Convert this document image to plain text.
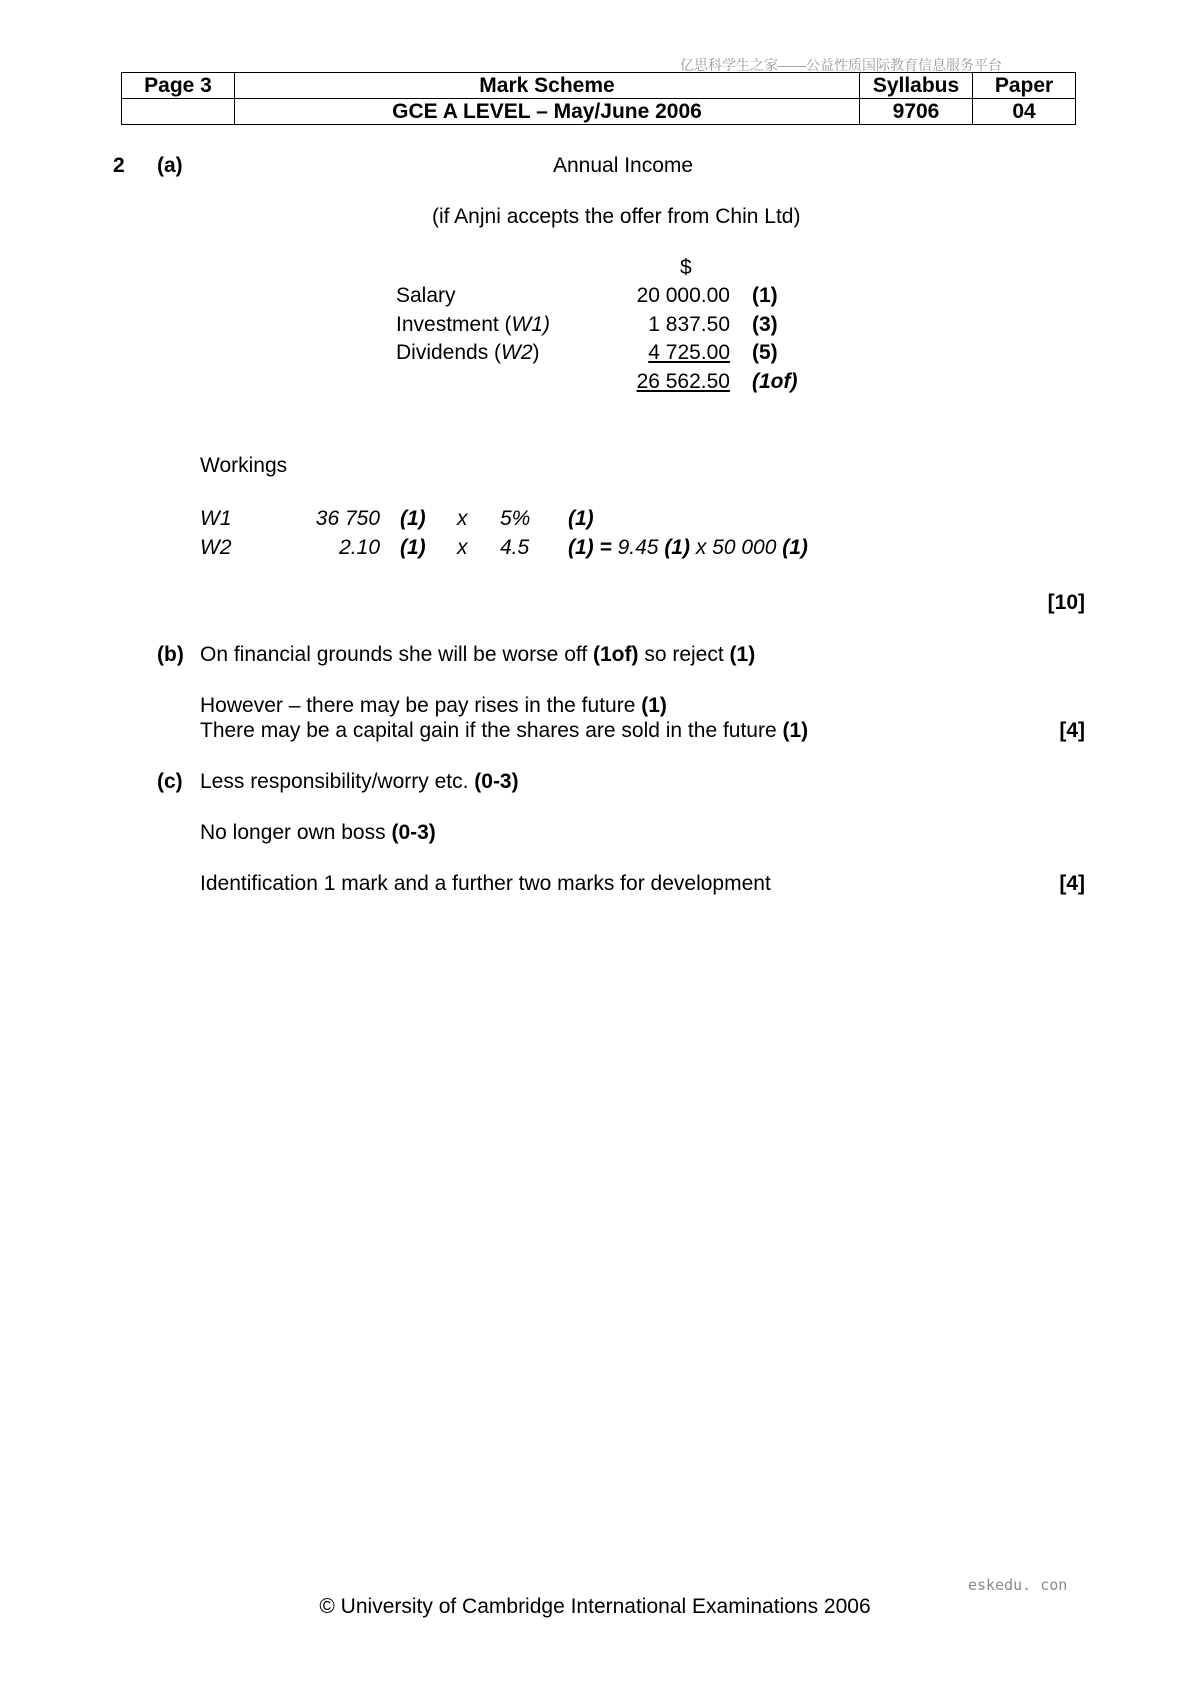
亿思科学生之家——公益性质国际教育信息服务平台
Page 3	Mark Scheme	Syllabus	Paper
	GCE A LEVEL – May/June 2006	9706	04
2 (a)	Annual Income
(if Anjni accepts the offer from Chin Ltd)
$
Salary	20 000.00 (1)
Investment (W1)	1 837.50 (3)
Dividends (W2)	4 725.00 (5)
26 562.50 (1of)
Workings
W1	36 750 (1) x 5% (1)
W2	2.10 (1) x 4.5 (1) = 9.45 (1) x 50 000 (1)
[10]
(b) On financial grounds she will be worse off (1of) so reject (1)
However – there may be pay rises in the future (1)
There may be a capital gain if the shares are sold in the future (1)	[4]
(c) Less responsibility/worry etc. (0-3)
No longer own boss (0-3)
Identification 1 mark and a further two marks for development	[4]
eskedu. con
© University of Cambridge International Examinations 2006
